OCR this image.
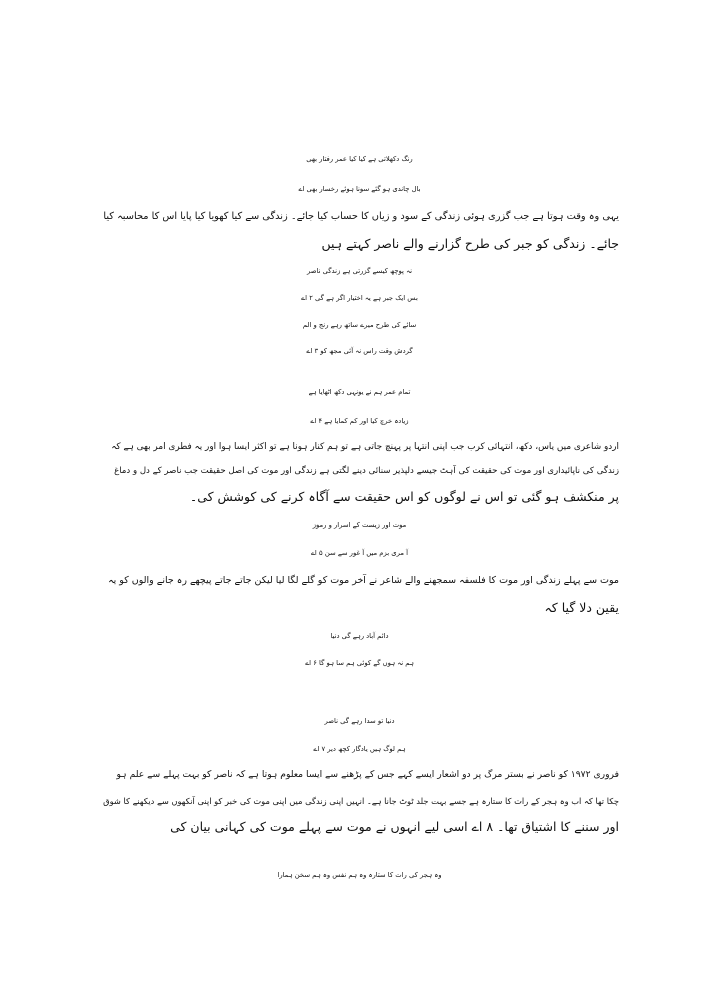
رنگ دکھلاتی ہے کیا کیا عمر رفتار بھی
بال چاندی ہو گئے سونا ہوئے رخسار بھی اے
یہی وہ وقت ہوتا ہے جب گزری ہوئی زندگی کے سود و زیاں کا حساب کیا جائے۔ زندگی سے کیا کھویا کیا پایا اس کا محاسبہ کیا
جائے۔ زندگی کو جبر کی طرح گزارنے والے ناصر کہتے ہیں
نہ پوچھ کیسے گزرتی ہے زندگی ناصر
بس ایک جبر ہے یہ اختیار اگر ہے گی ۲ اے
سائے کی طرح میرے ساتھ رہے رنج و الم
گردش وقت راس نہ آئی مجھ کو ۳ اے
تمام عمر ہم نے یونہی دکھ اٹھایا ہے
زیادہ خرچ کیا اور کم کمایا ہے ۴ اے
اردو شاعری میں یاس، دکھ، انتہائی کرب جب اپنی انتہا پر پہنچ جاتی ہے تو ہم کنار ہونا ہے تو اکثر ایسا ہوا اور یہ فطری امر بھی ہے کہ
زندگی کی ناپائیداری اور موت کی حقیقت کی آہٹ جیسے دلپذیر سنائی دینے لگتی ہے زندگی اور موت کی اصل حقیقت جب ناصر کے دل و دماغ
پر منکشف ہو گئی تو اس نے لوگوں کو اس حقیقت سے آگاہ کرنے کی کوشش کی۔
موت اور زیست کے اسرار و رموز
آ مری بزم میں آ غور سے سن ۵ اے
موت سے پہلے زندگی اور موت کا فلسفہ سمجھنے والے شاعر نے آخر موت کو گلے لگا لیا لیکن جاتے جاتے پیچھے رہ جانے والوں کو یہ
یقین دلا گیا کہ
دائم آباد رہے گی دنیا
ہم نہ ہوں گے کوئی ہم سا ہو گا ۶ اے
دنیا تو سدا رہے گی ناصر
ہم لوگ ہیں یادگار کچھ دیر ۷ اے
فروری ۱۹۷۲ کو ناصر نے بستر مرگ پر دو اشعار ایسے کہے جس کے پڑھنے سے ایسا معلوم ہوتا ہے کہ ناصر کو بہت پہلے سے علم ہو
چکا تھا کہ اب وہ ہجر کے رات کا ستارہ ہے جسے بہت جلد ٹوٹ جانا ہے۔ انہیں اپنی زندگی میں اپنی موت کی خبر کو اپنی آنکھوں سے دیکھنے کا شوق
اور سننے کا اشتیاق تھا۔ ۸ اے اسی لیے انہوں نے موت سے پہلے موت کی کہانی بیان کی
وہ ہجر کی رات کا ستارہ وہ ہم نفس وہ ہم سخن ہمارا
